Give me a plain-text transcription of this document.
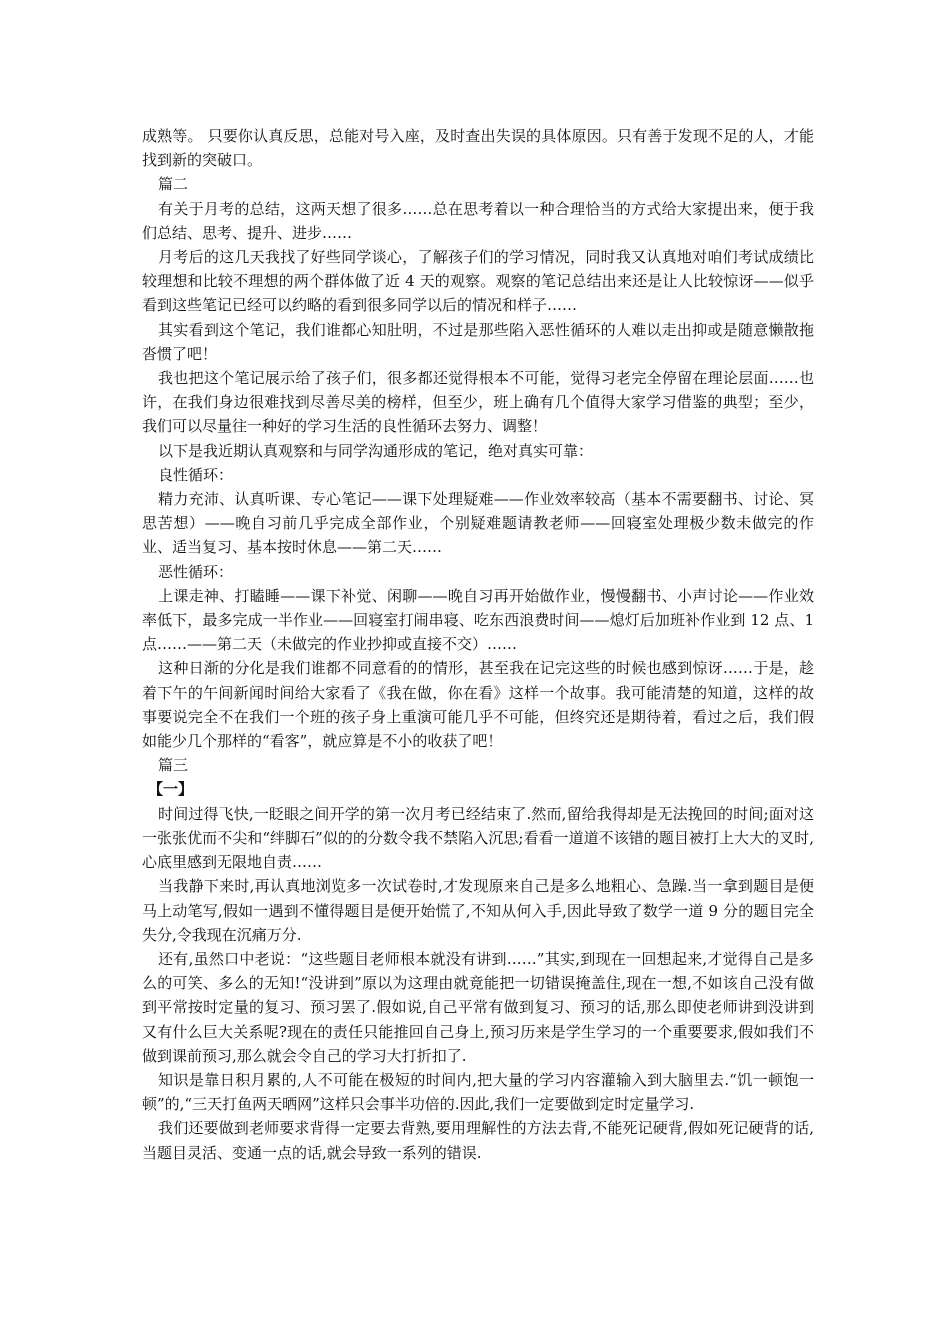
成熟等。 只要你认真反思，总能对号入座，及时查出失误的具体原因。只有善于发现不足的人，才能找到新的突破口。

篇二

有关于月考的总结，这两天想了很多……总在思考着以一种合理恰当的方式给大家提出来，便于我们总结、思考、提升、进步……

月考后的这几天我找了好些同学谈心，了解孩子们的学习情况，同时我又认真地对咱们考试成绩比较理想和比较不理想的两个群体做了近 4 天的观察。观察的笔记总结出来还是让人比较惊讶——似乎看到这些笔记已经可以约略的看到很多同学以后的情况和样子……

其实看到这个笔记，我们谁都心知肚明，不过是那些陷入恶性循环的人难以走出抑或是随意懒散拖沓惯了吧！

我也把这个笔记展示给了孩子们，很多都还觉得根本不可能，觉得习老完全停留在理论层面……也许，在我们身边很难找到尽善尽美的榜样，但至少，班上确有几个值得大家学习借鉴的典型；至少，我们可以尽量往一种好的学习生活的良性循环去努力、调整！

以下是我近期认真观察和与同学沟通形成的笔记，绝对真实可靠：

良性循环：

精力充沛、认真听课、专心笔记——课下处理疑难——作业效率较高（基本不需要翻书、讨论、冥思苦想）——晚自习前几乎完成全部作业，个别疑难题请教老师——回寝室处理极少数未做完的作业、适当复习、基本按时休息——第二天……

恶性循环：

上课走神、打瞌睡——课下补觉、闲聊——晚自习再开始做作业，慢慢翻书、小声讨论——作业效率低下，最多完成一半作业——回寝室打闹串寝、吃东西浪费时间——熄灯后加班补作业到 12 点、1 点……——第二天（未做完的作业抄抑或直接不交）……

这种日渐的分化是我们谁都不同意看的的情形，甚至我在记完这些的时候也感到惊讶……于是，趁着下午的午间新闻时间给大家看了《我在做，你在看》这样一个故事。我可能清楚的知道，这样的故事要说完全不在我们一个班的孩子身上重演可能几乎不可能，但终究还是期待着，看过之后，我们假如能少几个那样的“看客”，就应算是不小的收获了吧！

篇三

【一】

时间过得飞快,一眨眼之间开学的第一次月考已经结束了.然而,留给我得却是无法挽回的时间;面对这一张张优而不尖和“绊脚石”似的的分数令我不禁陷入沉思;看看一道道不该错的题目被打上大大的叉时,心底里感到无限地自责……

当我静下来时,再认真地浏览多一次试卷时,才发现原来自己是多么地粗心、急躁.当一拿到题目是便马上动笔写,假如一遇到不懂得题目是便开始慌了,不知从何入手,因此导致了数学一道 9 分的题目完全失分,令我现在沉痛万分.

还有,虽然口中老说：“这些题目老师根本就没有讲到……”其实,到现在一回想起来,才觉得自己是多么的可笑、多么的无知!“没讲到”原以为这理由就竟能把一切错误掩盖住,现在一想,不如该自己没有做到平常按时定量的复习、预习罢了.假如说,自己平常有做到复习、预习的话,那么即使老师讲到没讲到又有什么巨大关系呢?现在的责任只能推回自己身上,预习历来是学生学习的一个重要要求,假如我们不做到课前预习,那么就会令自己的学习大打折扣了.

知识是靠日积月累的,人不可能在极短的时间内,把大量的学习内容灌输入到大脑里去.“饥一顿饱一顿”的,“三天打鱼两天晒网”这样只会事半功倍的.因此,我们一定要做到定时定量学习.

我们还要做到老师要求背得一定要去背熟,要用理解性的方法去背,不能死记硬背,假如死记硬背的话,当题目灵活、变通一点的话,就会导致一系列的错误.
